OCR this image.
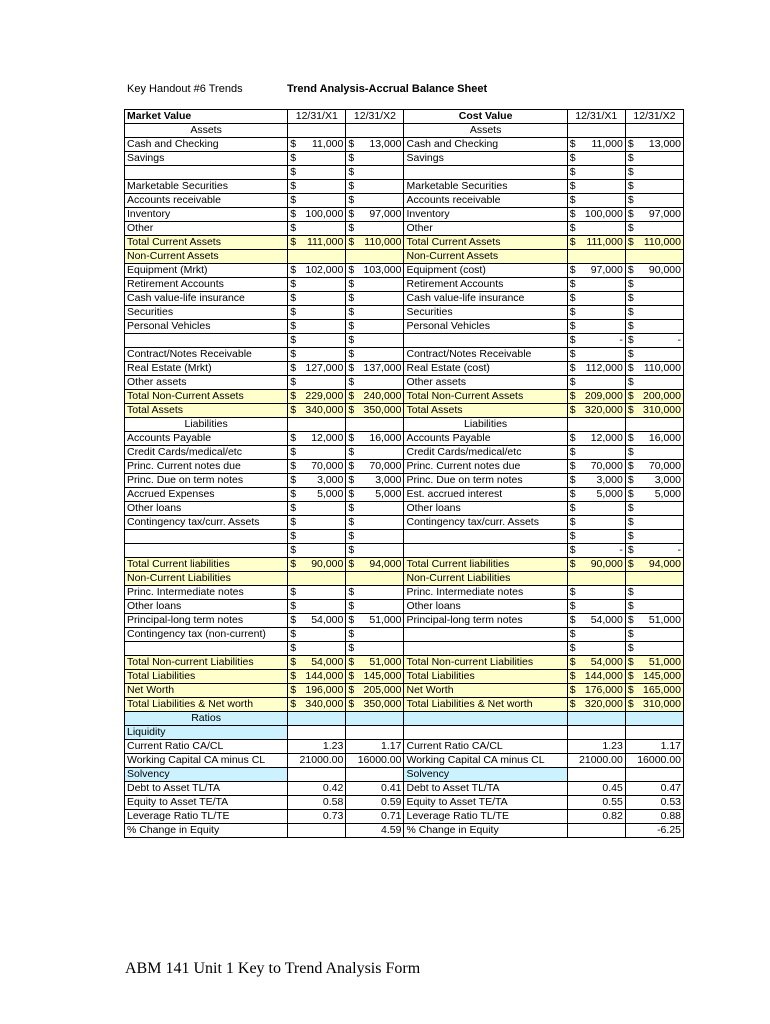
Key Handout #6 Trends	Trend Analysis-Accrual Balance Sheet
Market Value	12/31/X1	12/31/X2	Cost Value	12/31/X1	12/31/X2
Assets			Assets		
Cash and Checking	$ 11,000	$ 13,000	Cash and Checking	$ 11,000	$ 13,000
Savings	$	$	Savings	$	$

	$	$		$	$

Marketable Securities	$	$	Marketable Securities	$	$

Accounts receivable	$	$	Accounts receivable	$	$

Inventory	$ 100,000	$ 97,000	Inventory	$ 100,000	$ 97,000
Other	$	$	Other	$	$

Total Current Assets	$ 111,000	$ 110,000	Total Current Assets	$ 111,000	$ 110,000
Non-Current Assets			Non-Current Assets		
Equipment (Mrkt)	$ 102,000	$ 103,000	Equipment (cost)	$ 97,000	$ 90,000
Retirement Accounts	$	$	Retirement Accounts	$	$

Cash value-life insurance	$	$	Cash value-life insurance	$	$

Securities	$	$	Securities	$	$

Personal Vehicles	$	$	Personal Vehicles	$	$

	$	$		$ -	$ -
Contract/Notes Receivable	$	$	Contract/Notes Receivable	$	$

Real Estate (Mrkt)	$ 127,000	$ 137,000	Real Estate (cost)	$ 112,000	$ 110,000
Other assets	$	$	Other assets	$	$

Total Non-Current Assets	$ 229,000	$ 240,000	Total Non-Current Assets	$ 209,000	$ 200,000
Total Assets	$ 340,000	$ 350,000	Total Assets	$ 320,000	$ 310,000
Liabilities			Liabilities		
Accounts Payable	$ 12,000	$ 16,000	Accounts Payable	$ 12,000	$ 16,000
Credit Cards/medical/etc	$	$	Credit Cards/medical/etc	$	$

Princ. Current notes due	$ 70,000	$ 70,000	Princ. Current notes due	$ 70,000	$ 70,000
Princ. Due on term notes	$ 3,000	$ 3,000	Princ. Due on term notes	$ 3,000	$ 3,000
Accrued Expenses	$ 5,000	$ 5,000	Est. accrued interest	$ 5,000	$ 5,000
Other loans	$	$	Other loans	$	$

Contingency tax/curr. Assets	$	$	Contingency tax/curr. Assets	$	$

	$	$		$	$

	$	$		$ -	$ -
Total Current liabilities	$ 90,000	$ 94,000	Total Current liabilities	$ 90,000	$ 94,000
Non-Current Liabilities			Non-Current Liabilities		
Princ. Intermediate notes	$	$	Princ. Intermediate notes	$	$

Other loans	$	$	Other loans	$	$

Principal-long term notes	$ 54,000	$ 51,000	Principal-long term notes	$ 54,000	$ 51,000
Contingency tax (non-current)	$	$		$	$

	$	$		$	$

Total Non-current Liabilities	$ 54,000	$ 51,000	Total Non-current Liabilities	$ 54,000	$ 51,000
Total Liabilities	$ 144,000	$ 145,000	Total Liabilities	$ 144,000	$ 145,000
Net Worth	$ 196,000	$ 205,000	Net Worth	$ 176,000	$ 165,000
Total Liabilities & Net worth	$ 340,000	$ 350,000	Total Liabilities & Net worth	$ 320,000	$ 310,000
Ratios					
Liquidity					
Current Ratio CA/CL	1.23	1.17	Current Ratio CA/CL	1.23	1.17
Working Capital CA minus CL	21000.00	16000.00	Working Capital CA minus CL	21000.00	16000.00
Solvency			Solvency		
Debt to Asset TL/TA	0.42	0.41	Debt to Asset TL/TA	0.45	0.47
Equity to Asset TE/TA	0.58	0.59	Equity to Asset TE/TA	0.55	0.53
Leverage Ratio TL/TE	0.73	0.71	Leverage Ratio TL/TE	0.82	0.88
% Change in Equity		4.59	% Change in Equity		-6.25
ABM 141 Unit 1 Key to Trend Analysis Form
